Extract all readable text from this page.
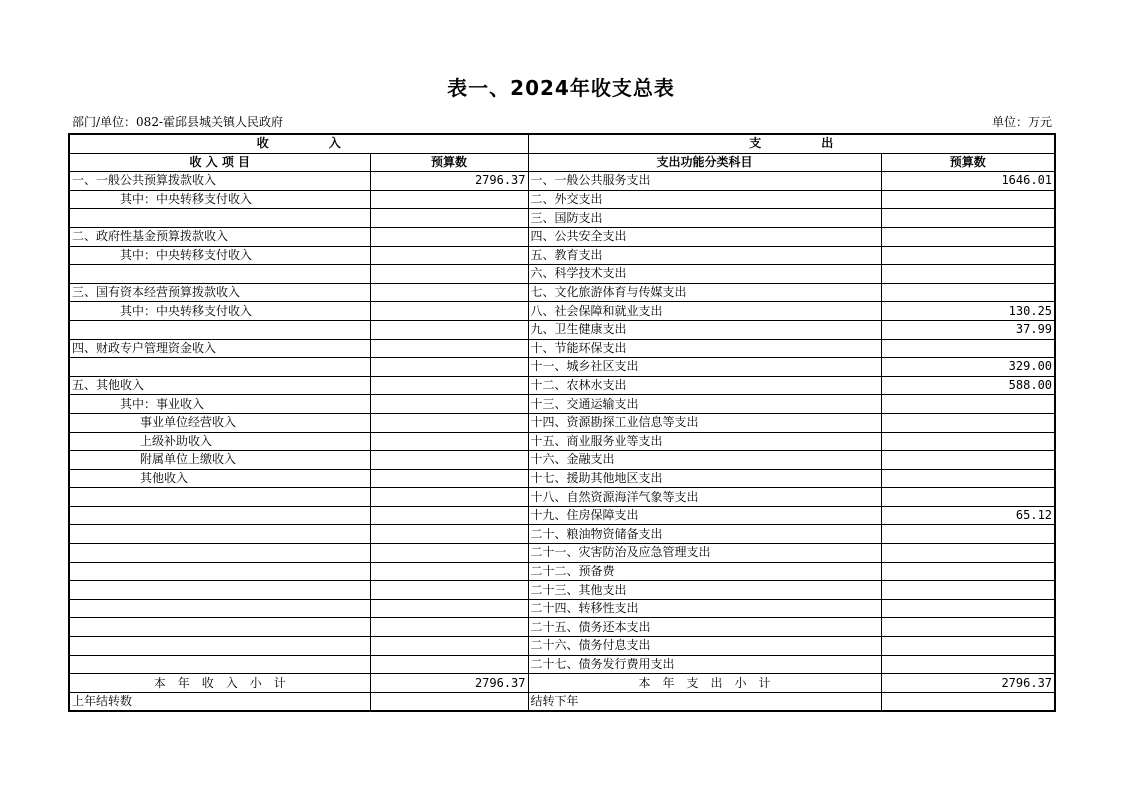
表一、2024年收支总表
部门/单位：082-霍邱县城关镇人民政府	单位：万元
收　　　　　入		支　　　　　出	
收 入 项 目	预算数	支出功能分类科目	预算数
一、一般公共预算拨款收入	2796.37	一、一般公共服务支出	1646.01
其中：中央转移支付收入		二、外交支出	
		三、国防支出	
二、政府性基金预算拨款收入		四、公共安全支出	
其中：中央转移支付收入		五、教育支出	
		六、科学技术支出	
三、国有资本经营预算拨款收入		七、文化旅游体育与传媒支出	
其中：中央转移支付收入		八、社会保障和就业支出	130.25
		九、卫生健康支出	37.99
四、财政专户管理资金收入		十、节能环保支出	
		十一、城乡社区支出	329.00
五、其他收入		十二、农林水支出	588.00
其中：事业收入		十三、交通运输支出	
事业单位经营收入		十四、资源勘探工业信息等支出	
上级补助收入		十五、商业服务业等支出	
附属单位上缴收入		十六、金融支出	
其他收入		十七、援助其他地区支出	
		十八、自然资源海洋气象等支出	
		十九、住房保障支出	65.12
		二十、粮油物资储备支出	
		二十一、灾害防治及应急管理支出	
		二十二、预备费	
		二十三、其他支出	
		二十四、转移性支出	
		二十五、债务还本支出	
		二十六、债务付息支出	
		二十七、债务发行费用支出	
本　年　收　入　小　计	2796.37	本　年　支　出　小　计	2796.37
上年结转数		结转下年	
